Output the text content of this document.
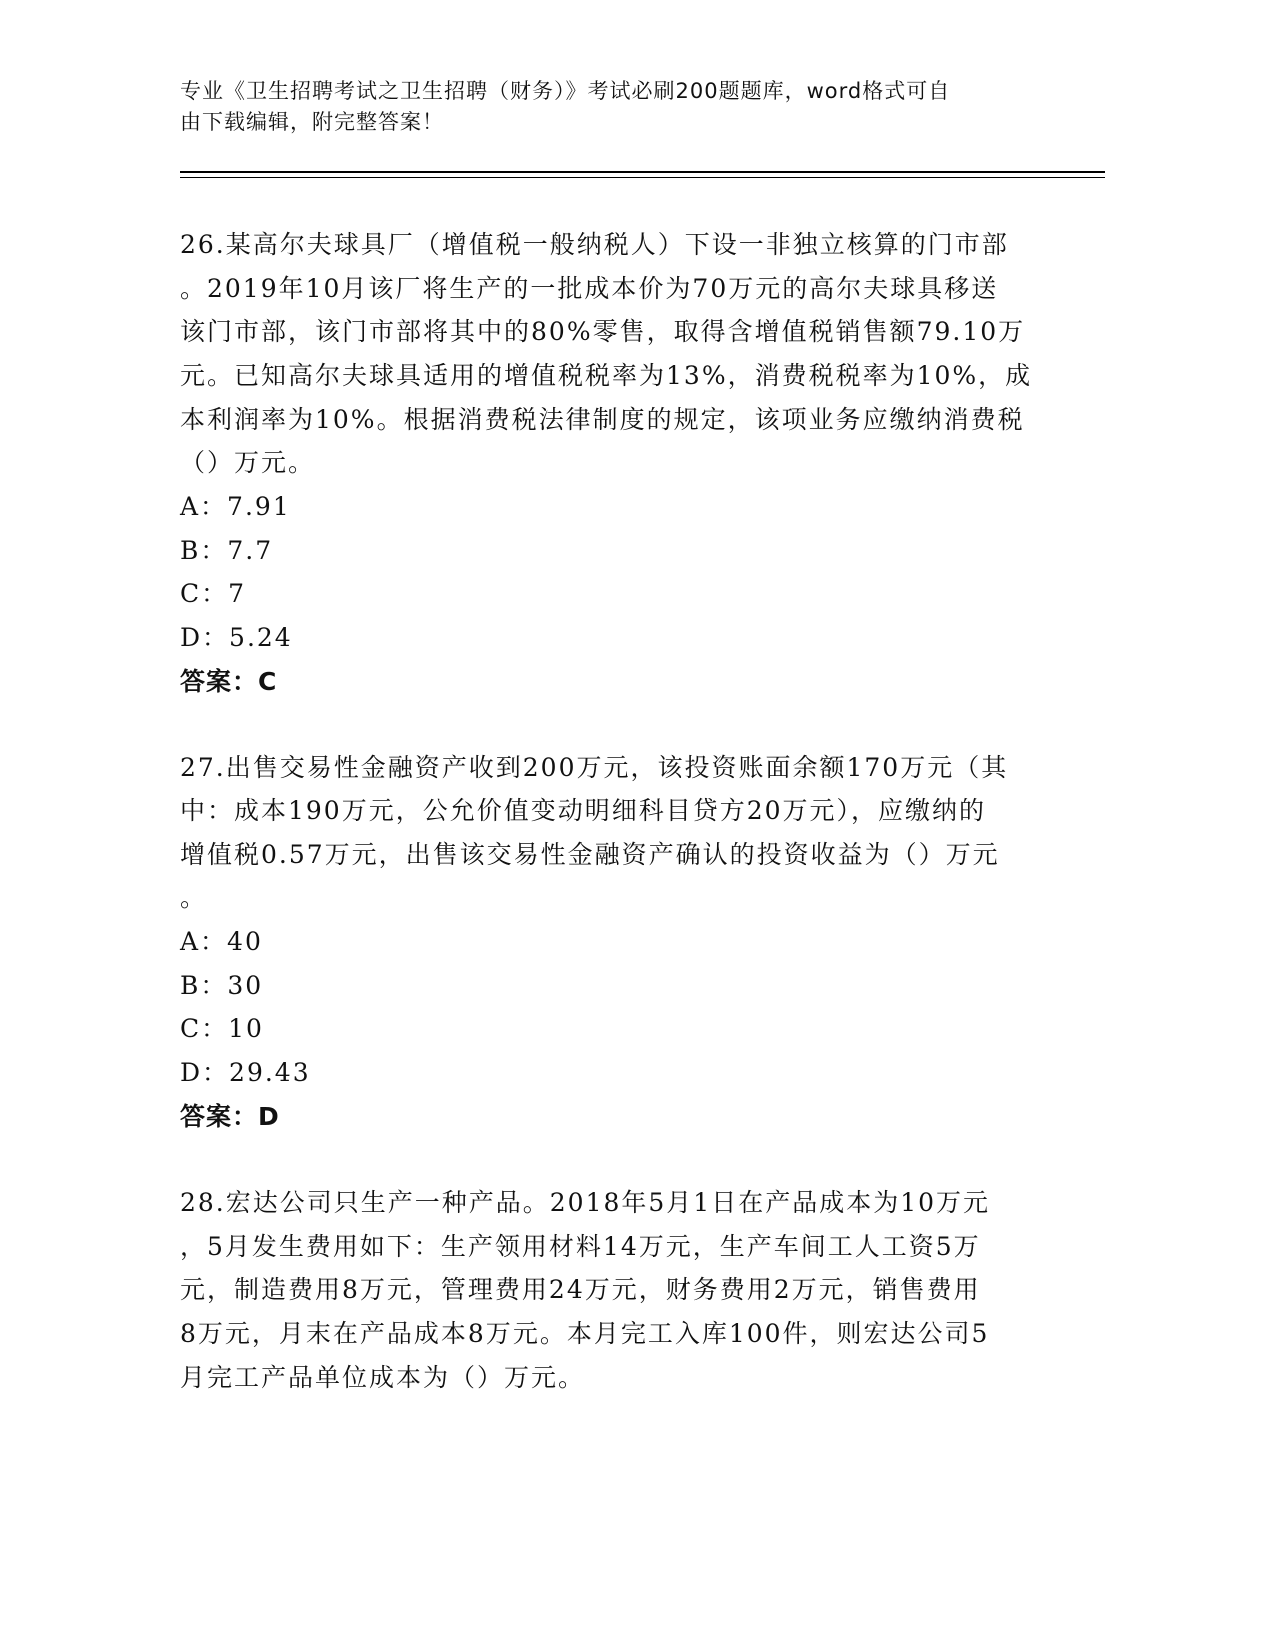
专业《卫生招聘考试之卫生招聘（财务）》考试必刷200题题库，word格式可自
由下载编辑，附完整答案！
26.某高尔夫球具厂（增值税一般纳税人）下设一非独立核算的门市部
。2019年10月该厂将生产的一批成本价为70万元的高尔夫球具移送
该门市部，该门市部将其中的80%零售，取得含增值税销售额79.10万
元。已知高尔夫球具适用的增值税税率为13%，消费税税率为10%，成
本利润率为10%。根据消费税法律制度的规定，该项业务应缴纳消费税
（）万元。
A：7.91
B：7.7
C：7
D：5.24
答案：C
27.出售交易性金融资产收到200万元，该投资账面余额170万元（其
中：成本190万元，公允价值变动明细科目贷方20万元），应缴纳的
增值税0.57万元，出售该交易性金融资产确认的投资收益为（）万元
。
A：40
B：30
C：10
D：29.43
答案：D
28.宏达公司只生产一种产品。2018年5月1日在产品成本为10万元
，5月发生费用如下：生产领用材料14万元，生产车间工人工资5万
元，制造费用8万元，管理费用24万元，财务费用2万元，销售费用
8万元，月末在产品成本8万元。本月完工入库100件，则宏达公司5
月完工产品单位成本为（）万元。
